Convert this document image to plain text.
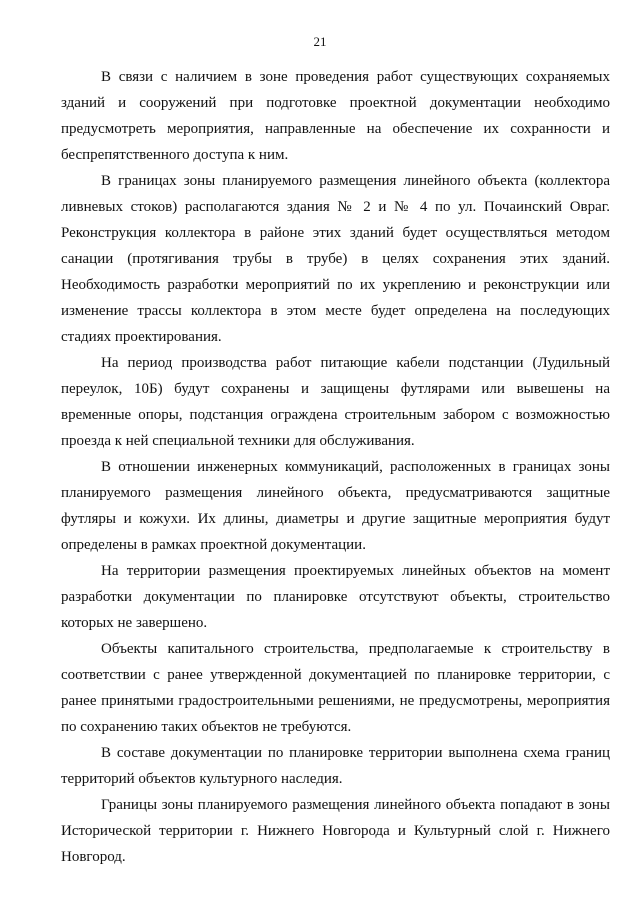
21

В связи с наличием в зоне проведения работ существующих сохраняемых зданий и сооружений при подготовке проектной документации необходимо предусмотреть мероприятия, направленные на обеспечение их сохранности и беспрепятственного доступа к ним.

В границах зоны планируемого размещения линейного объекта (коллектора ливневых стоков) располагаются здания № 2 и № 4 по ул. Почаинский Овраг. Реконструкция коллектора в районе этих зданий будет осуществляться методом санации (протягивания трубы в трубе) в целях сохранения этих зданий. Необходимость разработки мероприятий по их укреплению и реконструкции или изменение трассы коллектора в этом месте будет определена на последующих стадиях проектирования.

На период производства работ питающие кабели подстанции (Лудильный переулок, 10Б) будут сохранены и защищены футлярами или вывешены на временные опоры, подстанция ограждена строительным забором с возможностью проезда к ней специальной техники для обслуживания.

В отношении инженерных коммуникаций, расположенных в границах зоны планируемого размещения линейного объекта, предусматриваются защитные футляры и кожухи. Их длины, диаметры и другие защитные мероприятия будут определены в рамках проектной документации.

На территории размещения проектируемых линейных объектов на момент разработки документации по планировке отсутствуют объекты, строительство которых не завершено.

Объекты капитального строительства, предполагаемые к строительству в соответствии с ранее утвержденной документацией по планировке территории, с ранее принятыми градостроительными решениями, не предусмотрены, мероприятия по сохранению таких объектов не требуются.

В составе документации по планировке территории выполнена схема границ территорий объектов культурного наследия.

Границы зоны планируемого размещения линейного объекта попадают в зоны Исторической территории г. Нижнего Новгорода и Культурный слой г. Нижнего Новгород.
